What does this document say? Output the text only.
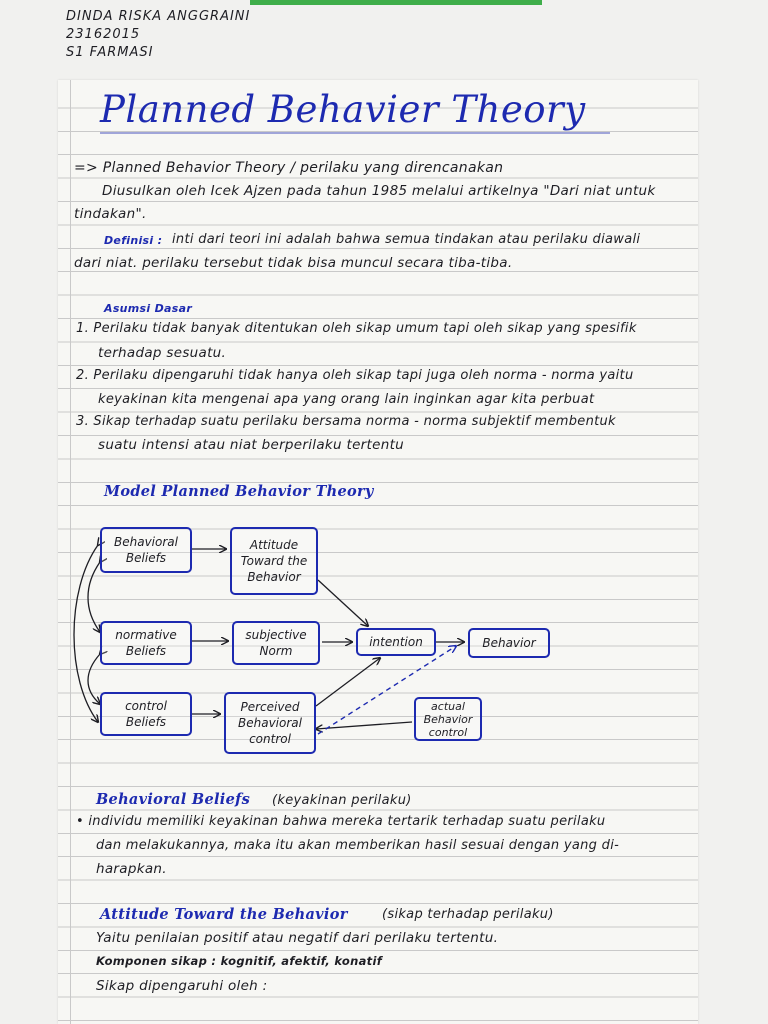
DINDA RISKA ANGGRAINI
23162015
S1 FARMASI
Planned Behavier Theory
=> Planned Behavior Theory / perilaku yang direncanakan
Diusulkan oleh Icek Ajzen pada tahun 1985 melalui artikelnya "Dari niat untuk
tindakan".
Definisi : inti dari teori ini adalah bahwa semua tindakan atau perilaku diawali
dari niat. perilaku tersebut tidak bisa muncul secara tiba-tiba.
Asumsi Dasar
1. Perilaku tidak banyak ditentukan oleh sikap umum tapi oleh sikap yang spesifik
terhadap sesuatu.
2. Perilaku dipengaruhi tidak hanya oleh sikap tapi juga oleh norma - norma yaitu
keyakinan kita mengenai apa yang orang lain inginkan agar kita perbuat
3. Sikap terhadap suatu perilaku bersama norma - norma subjektif membentuk
suatu intensi atau niat berperilaku tertentu
Model Planned Behavior Theory
Behavioral
Beliefs
Attitude
Toward the
Behavior
normative
Beliefs
subjective
Norm
intention	Behavior
control
Beliefs
Perceived
Behavioral
control
actual
Behavior
control
Behavioral Beliefs (keyakinan perilaku)
• individu memiliki keyakinan bahwa mereka tertarik terhadap suatu perilaku
dan melakukannya, maka itu akan memberikan hasil sesuai dengan yang di-
harapkan.
Attitude Toward the Behavior	(sikap terhadap perilaku)
Yaitu penilaian positif atau negatif dari perilaku tertentu.
Komponen sikap : kognitif, afektif, konatif
Sikap dipengaruhi oleh :
